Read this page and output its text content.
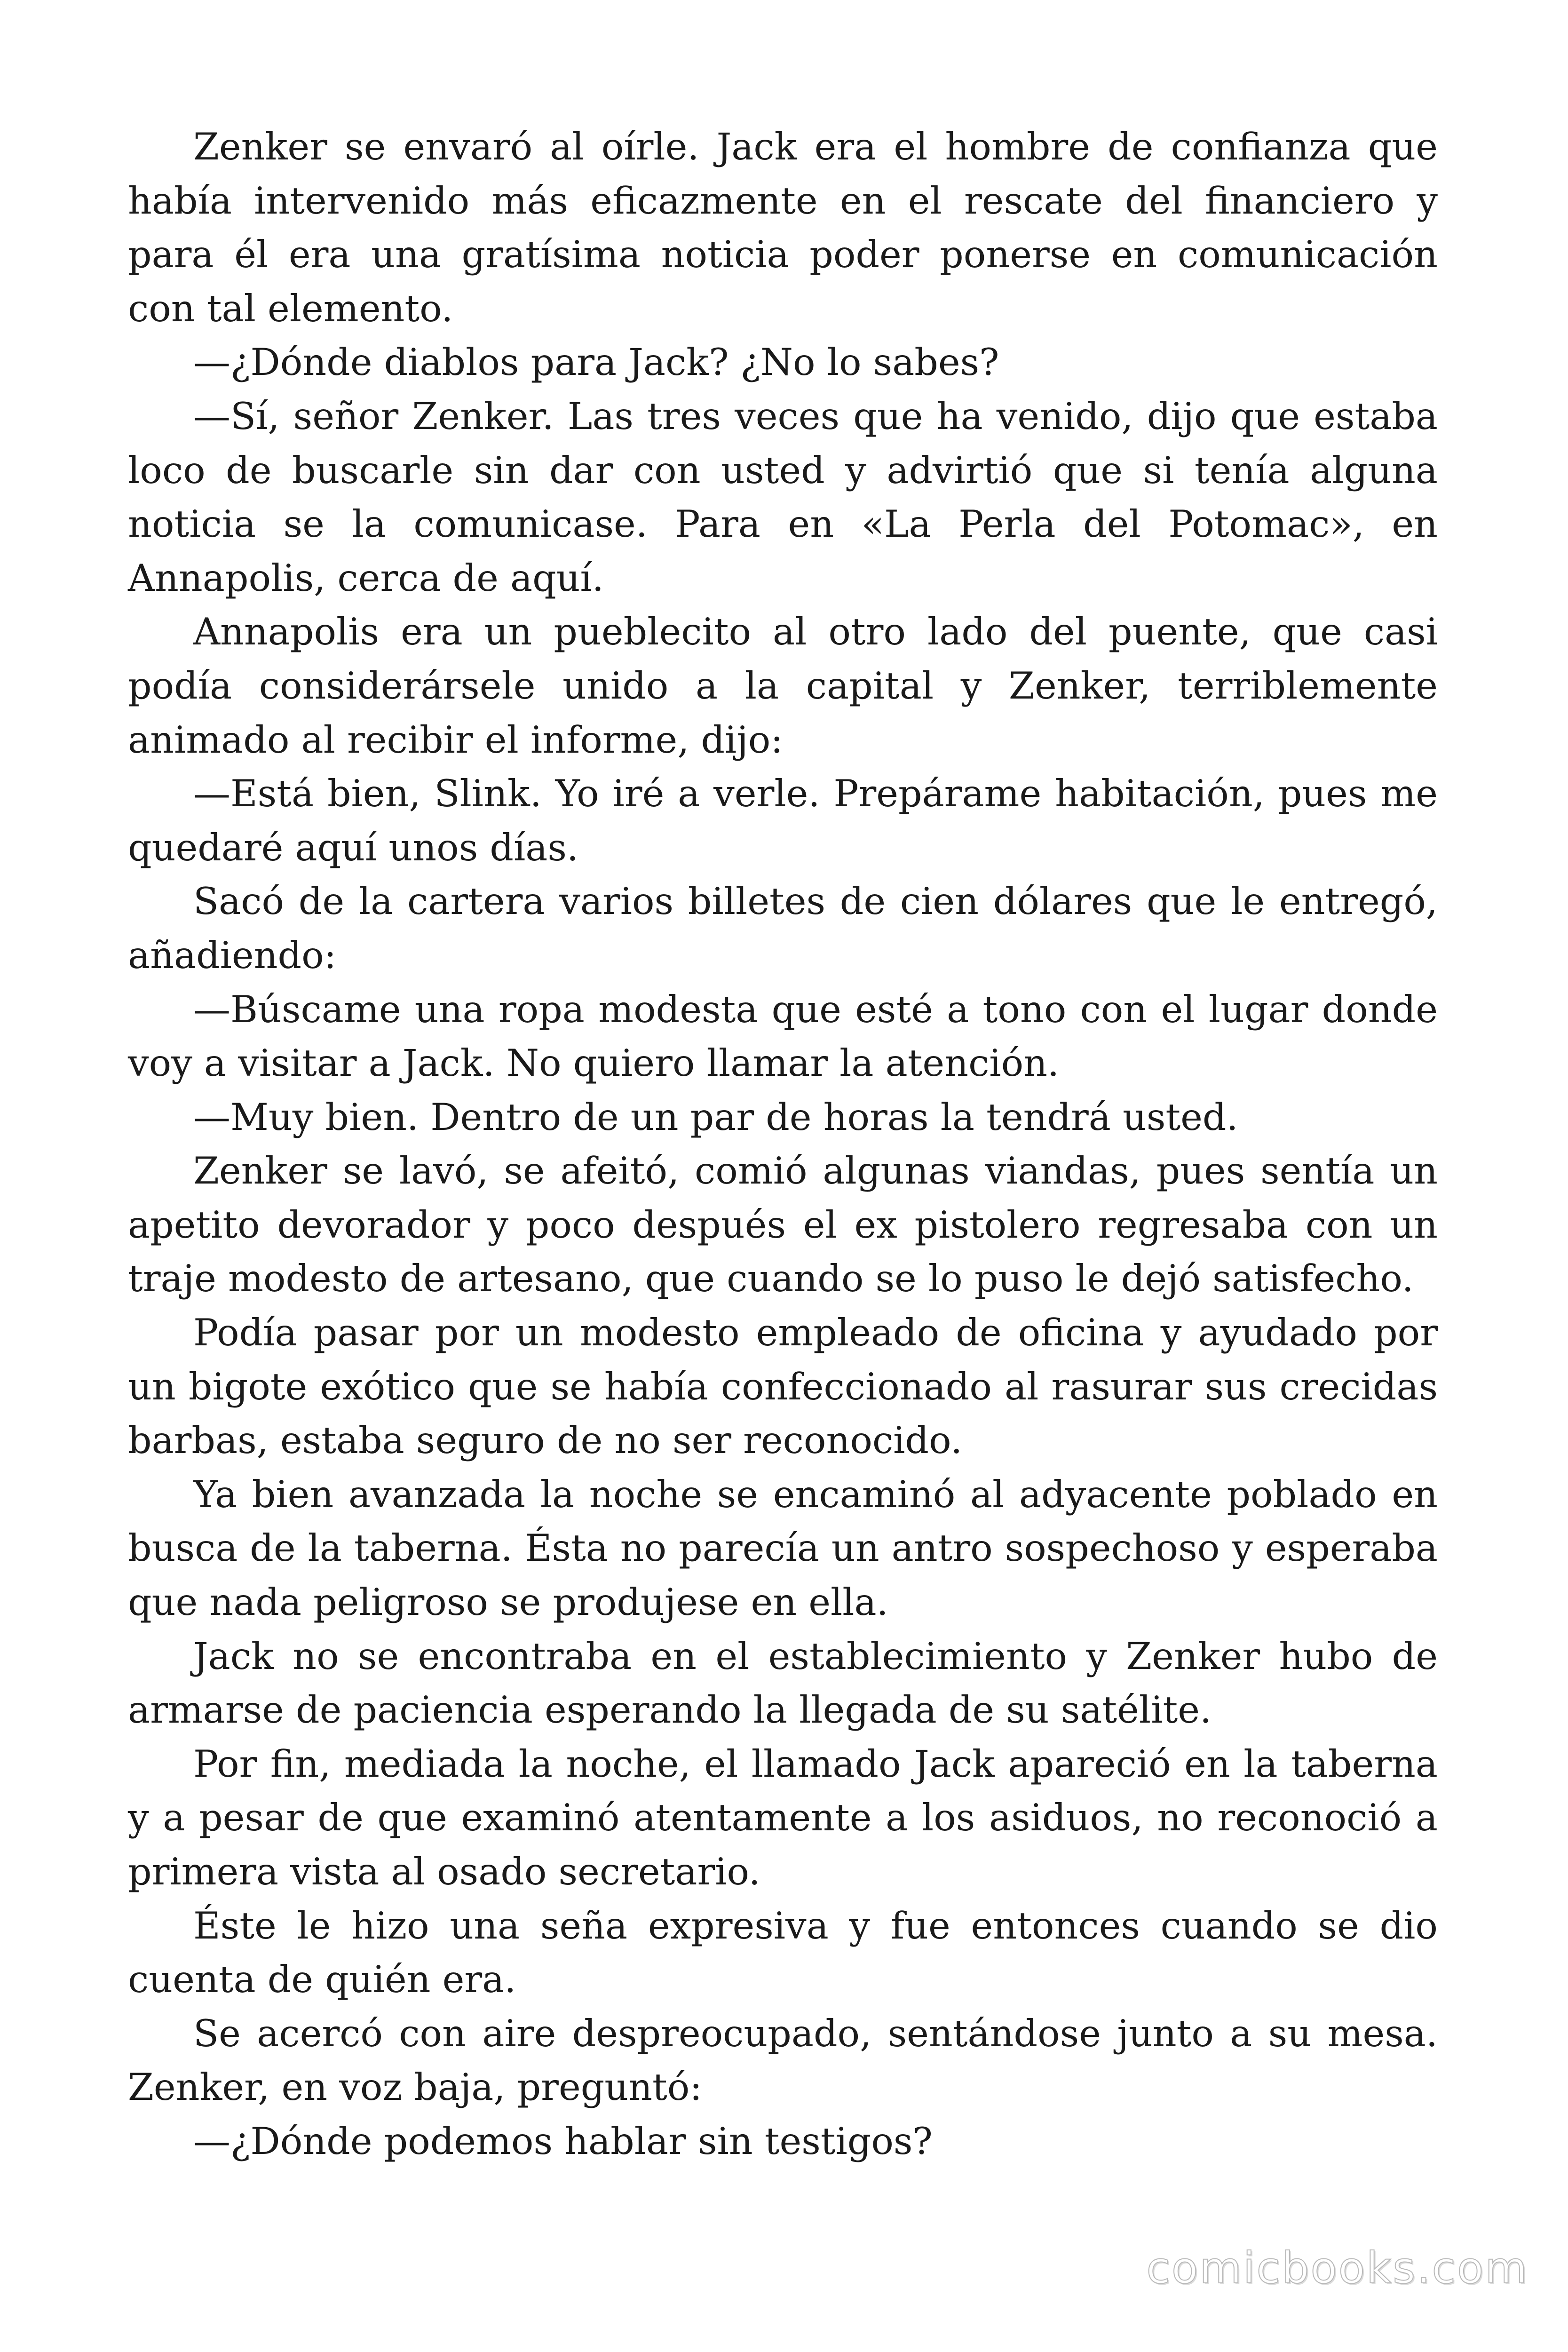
Zenker se envaró al oírle. Jack era el hombre de confianza que había intervenido más eficazmente en el rescate del financiero y para él era una gratísima noticia poder ponerse en comunicación con tal elemento.

—¿Dónde diablos para Jack? ¿No lo sabes?

—Sí, señor Zenker. Las tres veces que ha venido, dijo que estaba loco de buscarle sin dar con usted y advirtió que si tenía alguna noticia se la comunicase. Para en «La Perla del Potomac», en Annapolis, cerca de aquí.

Annapolis era un pueblecito al otro lado del puente, que casi podía considerársele unido a la capital y Zenker, terriblemente animado al recibir el informe, dijo:

—Está bien, Slink. Yo iré a verle. Prepárame habitación, pues me quedaré aquí unos días.

Sacó de la cartera varios billetes de cien dólares que le entregó, añadiendo:

—Búscame una ropa modesta que esté a tono con el lugar donde voy a visitar a Jack. No quiero llamar la atención.

—Muy bien. Dentro de un par de horas la tendrá usted.

Zenker se lavó, se afeitó, comió algunas viandas, pues sentía un apetito devorador y poco después el ex pistolero regresaba con un traje modesto de artesano, que cuando se lo puso le dejó satisfecho.

Podía pasar por un modesto empleado de oficina y ayudado por un bigote exótico que se había confeccionado al rasurar sus crecidas barbas, estaba seguro de no ser reconocido.

Ya bien avanzada la noche se encaminó al adyacente poblado en busca de la taberna. Ésta no parecía un antro sospechoso y esperaba que nada peligroso se produjese en ella.

Jack no se encontraba en el establecimiento y Zenker hubo de armarse de paciencia esperando la llegada de su satélite.

Por fin, mediada la noche, el llamado Jack apareció en la taberna y a pesar de que examinó atentamente a los asiduos, no reconoció a primera vista al osado secretario.

Éste le hizo una seña expresiva y fue entonces cuando se dio cuenta de quién era.

Se acercó con aire despreocupado, sentándose junto a su mesa. Zenker, en voz baja, preguntó:

—¿Dónde podemos hablar sin testigos?

comicbooks.com
